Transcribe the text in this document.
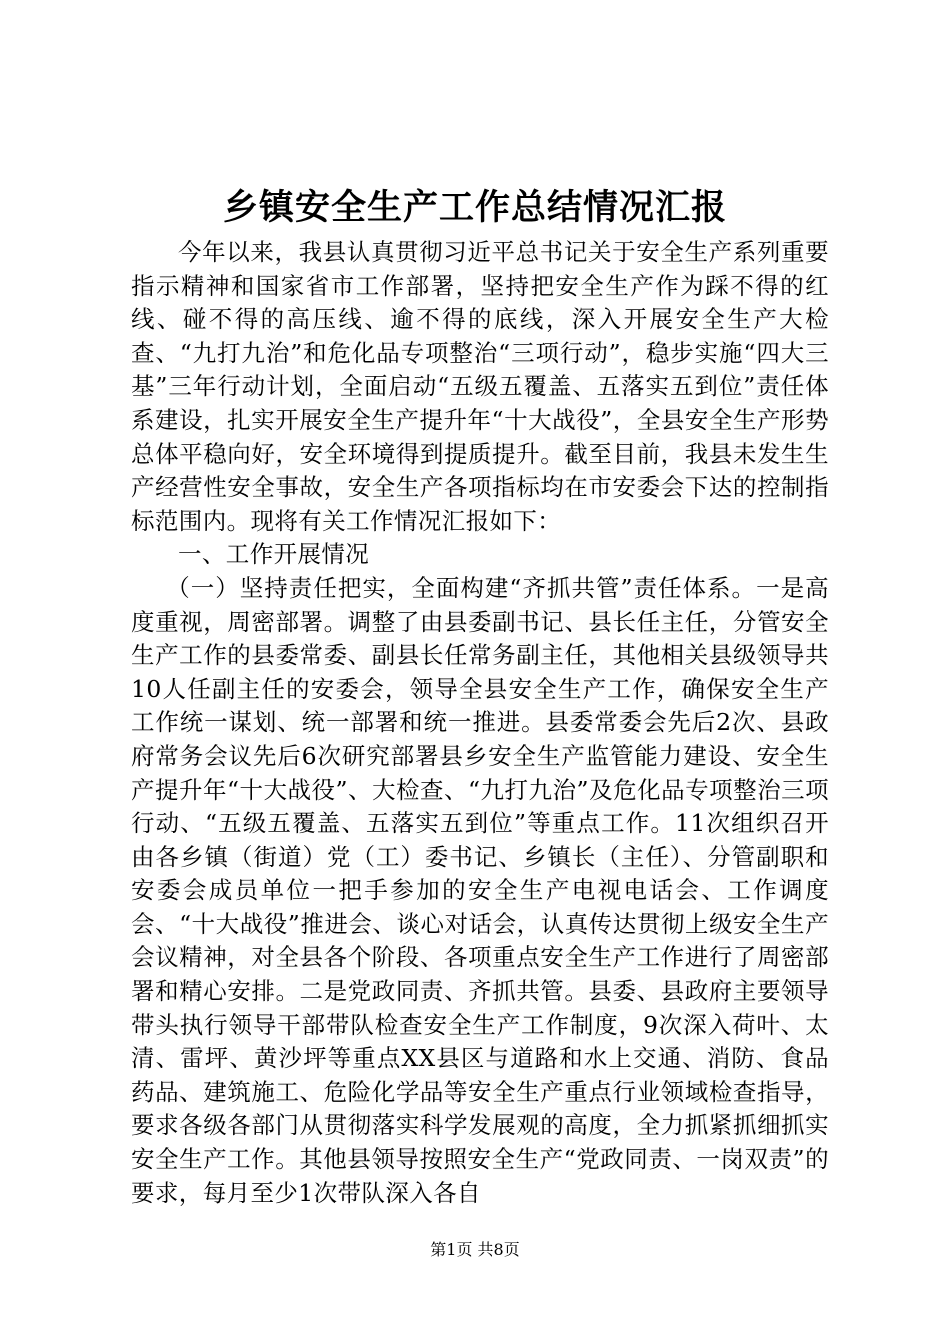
乡镇安全生产工作总结情况汇报

今年以来，我县认真贯彻习近平总书记关于安全生产系列重要指示精神和国家省市工作部署，坚持把安全生产作为踩不得的红线、碰不得的高压线、逾不得的底线，深入开展安全生产大检查、“九打九治”和危化品专项整治“三项行动”，稳步实施“四大三基”三年行动计划，全面启动“五级五覆盖、五落实五到位”责任体系建设，扎实开展安全生产提升年“十大战役”，全县安全生产形势总体平稳向好，安全环境得到提质提升。截至目前，我县未发生生产经营性安全事故，安全生产各项指标均在市安委会下达的控制指标范围内。现将有关工作情况汇报如下：

一、工作开展情况

（一）坚持责任把实，全面构建“齐抓共管”责任体系。一是高度重视，周密部署。调整了由县委副书记、县长任主任，分管安全生产工作的县委常委、副县长任常务副主任，其他相关县级领导共10人任副主任的安委会，领导全县安全生产工作，确保安全生产工作统一谋划、统一部署和统一推进。县委常委会先后2次、县政府常务会议先后6次研究部署县乡安全生产监管能力建设、安全生产提升年“十大战役”、大检查、“九打九治”及危化品专项整治三项行动、“五级五覆盖、五落实五到位”等重点工作。11次组织召开由各乡镇（街道）党（工）委书记、乡镇长（主任）、分管副职和安委会成员单位一把手参加的安全生产电视电话会、工作调度会、“十大战役”推进会、谈心对话会，认真传达贯彻上级安全生产会议精神，对全县各个阶段、各项重点安全生产工作进行了周密部署和精心安排。二是党政同责、齐抓共管。县委、县政府主要领导带头执行领导干部带队检查安全生产工作制度，9次深入荷叶、太清、雷坪、黄沙坪等重点XX县区与道路和水上交通、消防、食品药品、建筑施工、危险化学品等安全生产重点行业领域检查指导，要求各级各部门从贯彻落实科学发展观的高度，全力抓紧抓细抓实安全生产工作。其他县领导按照安全生产“党政同责、一岗双责”的要求，每月至少1次带队深入各自

第1页 共8页
